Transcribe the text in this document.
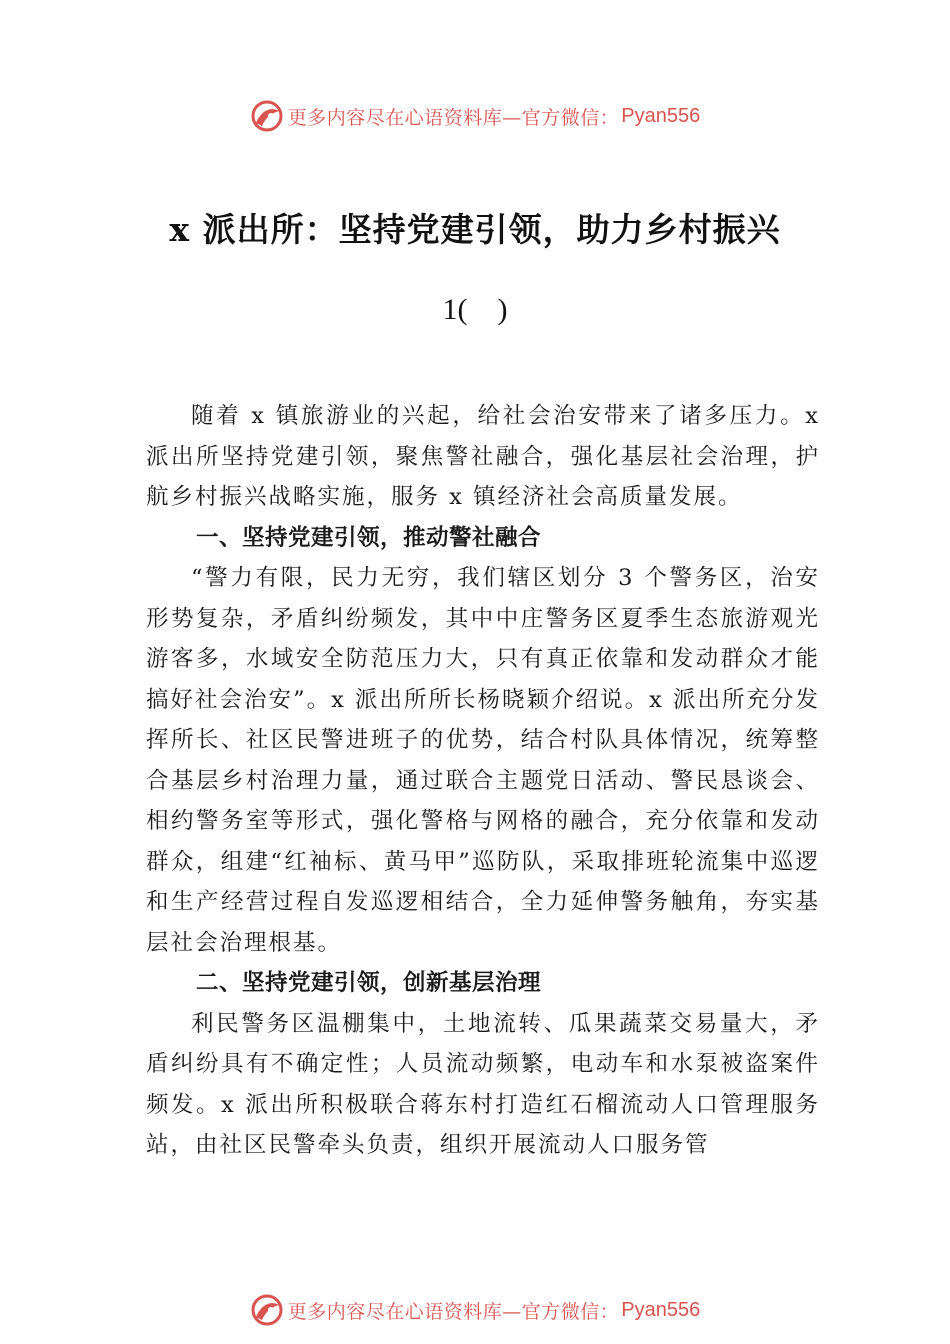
更多内容尽在心语资料库—官方微信： Pyan556
x 派出所：坚持党建引领，助力乡村振兴
1(　)

随着 x 镇旅游业的兴起，给社会治安带来了诸多压力。x 派出所坚持党建引领，聚焦警社融合，强化基层社会治理，护航乡村振兴战略实施，服务 x 镇经济社会高质量发展。

一、坚持党建引领，推动警社融合

“警力有限，民力无穷，我们辖区划分 3 个警务区，治安形势复杂，矛盾纠纷频发，其中中庄警务区夏季生态旅游观光游客多，水域安全防范压力大，只有真正依靠和发动群众才能搞好社会治安”。x 派出所所长杨晓颖介绍说。x 派出所充分发挥所长、社区民警进班子的优势，结合村队具体情况，统筹整合基层乡村治理力量，通过联合主题党日活动、警民恳谈会、相约警务室等形式，强化警格与网格的融合，充分依靠和发动群众，组建“红袖标、黄马甲”巡防队，采取排班轮流集中巡逻和生产经营过程自发巡逻相结合，全力延伸警务触角，夯实基层社会治理根基。

二、坚持党建引领，创新基层治理

利民警务区温棚集中，土地流转、瓜果蔬菜交易量大，矛盾纠纷具有不确定性；人员流动频繁，电动车和水泵被盗案件频发。x 派出所积极联合蒋东村打造红石榴流动人口管理服务站，由社区民警牵头负责，组织开展流动人口服务管

更多内容尽在心语资料库—官方微信： Pyan556
